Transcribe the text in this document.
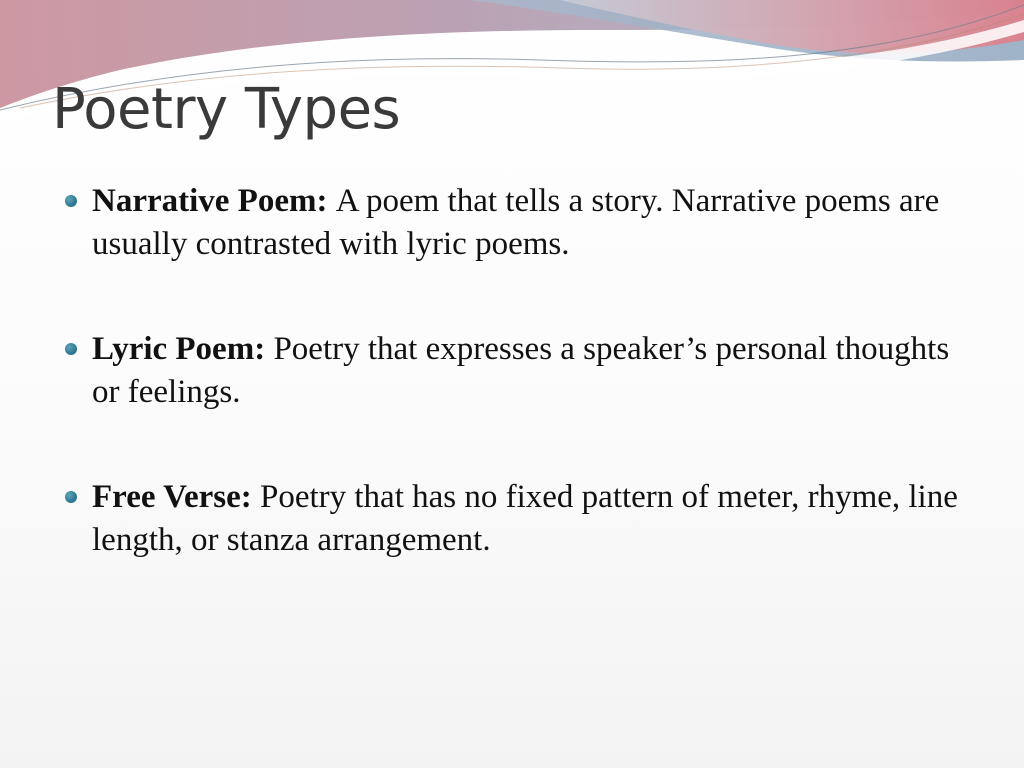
Poetry Types
Narrative Poem: A poem that tells a story. Narrative poems are usually contrasted with lyric poems.
Lyric Poem: Poetry that expresses a speaker’s personal thoughts or feelings.
Free Verse: Poetry that has no fixed pattern of meter, rhyme, line length, or stanza arrangement.
